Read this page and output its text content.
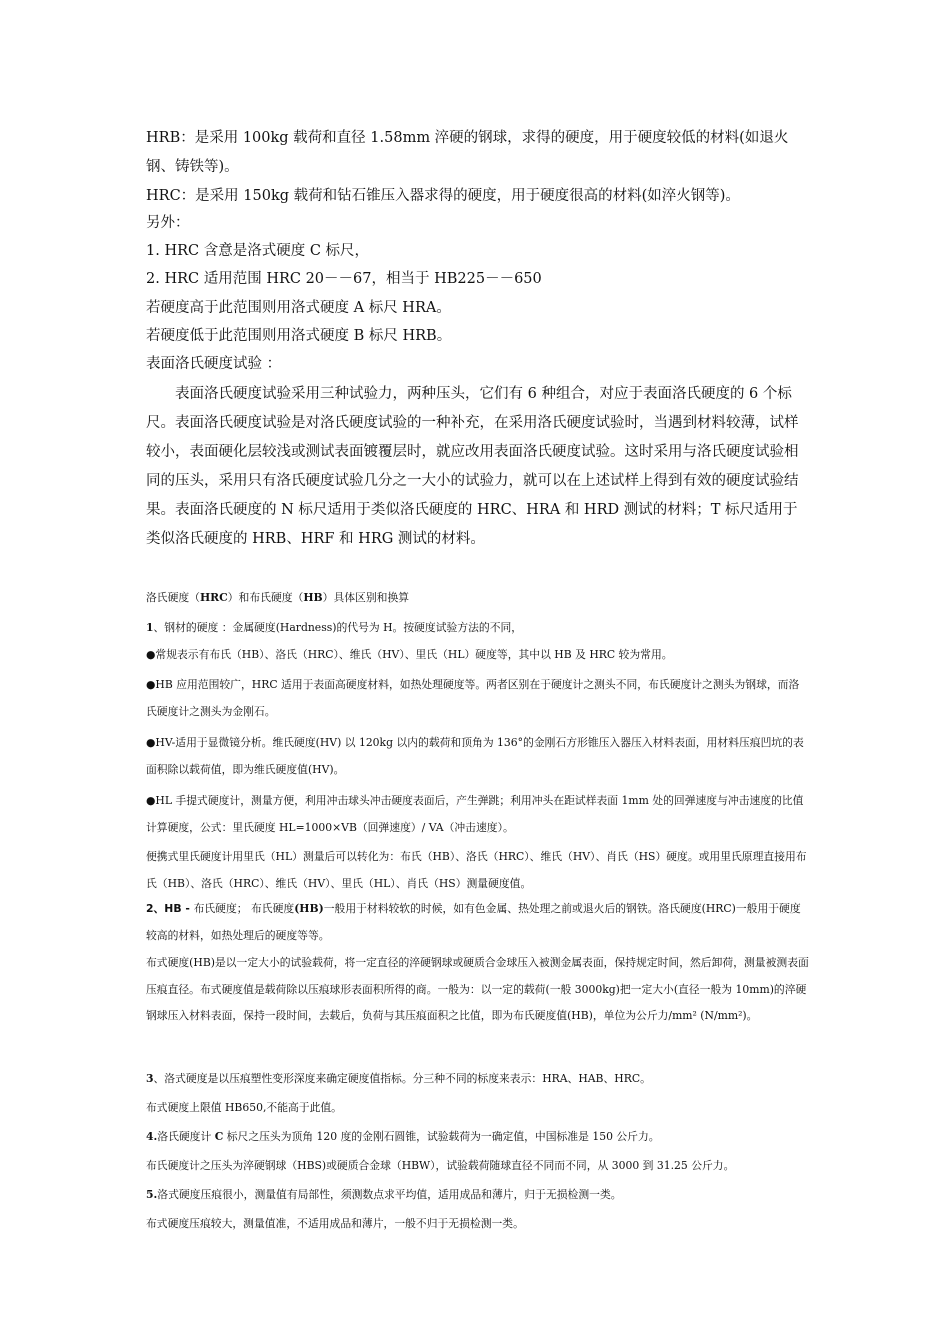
HRB：是采用 100kg 载荷和直径 1.58mm 淬硬的钢球，求得的硬度，用于硬度较低的材料(如退火钢、铸铁等)。
HRC：是采用 150kg 载荷和钻石锥压入器求得的硬度，用于硬度很高的材料(如淬火钢等)。
另外：
1. HRC 含意是洛式硬度 C 标尺，
2. HRC 适用范围 HRC 20－－67，相当于 HB225－－650
若硬度高于此范围则用洛式硬度 A 标尺 HRA。
若硬度低于此范围则用洛式硬度 B 标尺 HRB。
表面洛氏硬度试验 ：
表面洛氏硬度试验采用三种试验力，两种压头，它们有 6 种组合，对应于表面洛氏硬度的 6 个标尺。表面洛氏硬度试验是对洛氏硬度试验的一种补充，在采用洛氏硬度试验时，当遇到材料较薄，试样较小，表面硬化层较浅或测试表面镀覆层时，就应改用表面洛氏硬度试验。这时采用与洛氏硬度试验相同的压头，采用只有洛氏硬度试验几分之一大小的试验力，就可以在上述试样上得到有效的硬度试验结果。表面洛氏硬度的 N 标尺适用于类似洛氏硬度的 HRC、HRA 和 HRD 测试的材料；T 标尺适用于类似洛氏硬度的 HRB、HRF 和 HRG 测试的材料。
洛氏硬度（HRC）和布氏硬度（HB）具体区别和换算
1、钢材的硬度 ：金属硬度(Hardness)的代号为 H。按硬度试验方法的不同，
●常规表示有布氏（HB）、洛氏（HRC）、维氏（HV）、里氏（HL）硬度等，其中以 HB 及 HRC 较为常用。
●HB 应用范围较广，HRC 适用于表面高硬度材料，如热处理硬度等。两者区别在于硬度计之测头不同，布氏硬度计之测头为钢球，而洛氏硬度计之测头为金刚石。
●HV-适用于显微镜分析。维氏硬度(HV) 以 120kg 以内的载荷和顶角为 136°的金刚石方形锥压入器压入材料表面，用材料压痕凹坑的表面积除以载荷值，即为维氏硬度值(HV)。
●HL 手提式硬度计，测量方便，利用冲击球头冲击硬度表面后，产生弹跳；利用冲头在距试样表面 1mm 处的回弹速度与冲击速度的比值计算硬度，公式：里氏硬度 HL=1000×VB（回弹速度）/ VA（冲击速度）。
便携式里氏硬度计用里氏（HL）测量后可以转化为：布氏（HB）、洛氏（HRC）、维氏（HV）、肖氏（HS）硬度。或用里氏原理直接用布氏（HB）、洛氏（HRC）、维氏（HV）、里氏（HL）、肖氏（HS）测量硬度值。
2、HB - 布氏硬度； 布氏硬度(HB)一般用于材料较软的时候，如有色金属、热处理之前或退火后的钢铁。洛氏硬度(HRC)一般用于硬度较高的材料，如热处理后的硬度等等。
布式硬度(HB)是以一定大小的试验载荷，将一定直径的淬硬钢球或硬质合金球压入被测金属表面，保持规定时间，然后卸荷，测量被测表面压痕直径。布式硬度值是载荷除以压痕球形表面积所得的商。一般为：以一定的载荷(一般 3000kg)把一定大小(直径一般为 10mm)的淬硬钢球压入材料表面，保持一段时间，去载后，负荷与其压痕面积之比值，即为布氏硬度值(HB)，单位为公斤力/mm² (N/mm²)。
3、洛式硬度是以压痕塑性变形深度来确定硬度值指标。分三种不同的标度来表示：HRA、HAB、HRC。
布式硬度上限值 HB650,不能高于此值。
4.洛氏硬度计 C 标尺之压头为顶角 120 度的金刚石圆锥，试验载荷为一确定值，中国标准是 150 公斤力。
布氏硬度计之压头为淬硬钢球（HBS)或硬质合金球（HBW），试验载荷随球直径不同而不同，从 3000 到 31.25 公斤力。
5.洛式硬度压痕很小，测量值有局部性，须测数点求平均值，适用成品和薄片，归于无损检测一类。
布式硬度压痕较大，测量值准，不适用成品和薄片，一般不归于无损检测一类。
